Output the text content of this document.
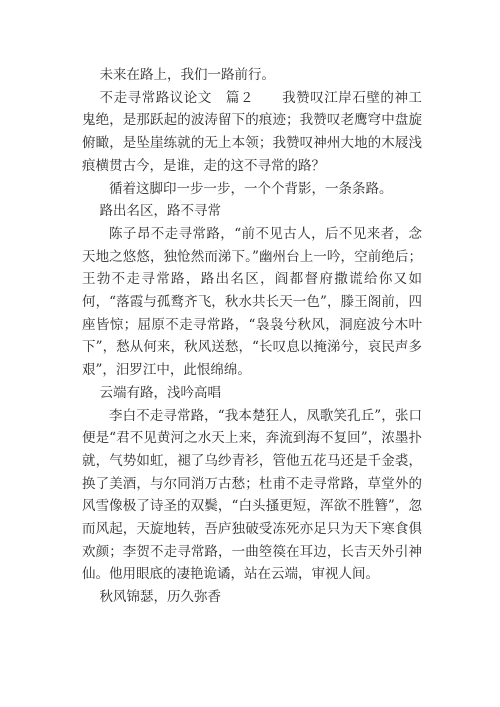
未来在路上，我们一路前行。

不走寻常路议论文　篇２　　我赞叹江岸石壁的神工鬼绝，是那跃起的波涛留下的痕迹；我赞叹老鹰穹中盘旋俯瞰，是坠崖练就的无上本领；我赞叹神州大地的木屐浅痕横贯古今，是谁，走的这不寻常的路？

循着这脚印一步一步，一个个背影，一条条路。

路出名区，路不寻常

陈子昂不走寻常路，“前不见古人，后不见来者，念天地之悠悠，独怆然而涕下。”幽州台上一吟，空前绝后；王勃不走寻常路，路出名区，阎都督府撒谎给你又如何，“落霞与孤鹜齐飞，秋水共长天一色”，滕王阁前，四座皆惊；屈原不走寻常路，“袅袅兮秋风，洞庭波兮木叶下”，愁从何来，秋风送愁，“长叹息以掩涕兮，哀民声多艰”，汨罗江中，此恨绵绵。

云端有路，浅吟高唱

李白不走寻常路，“我本楚狂人，凤歌笑孔丘”，张口便是“君不见黄河之水天上来，奔流到海不复回”，浓墨扑就，气势如虹，褪了乌纱青衫，管他五花马还是千金裘，换了美酒，与尔同消万古愁；杜甫不走寻常路，草堂外的风雪像极了诗圣的双鬓，“白头搔更短，浑欲不胜簪”，忽而风起，天旋地转，吾庐独破受冻死亦足只为天下寒食俱欢颜；李贺不走寻常路，一曲箜篌在耳边，长吉天外引神仙。他用眼底的凄艳诡谲，站在云端，审视人间。

秋风锦瑟，历久弥香
